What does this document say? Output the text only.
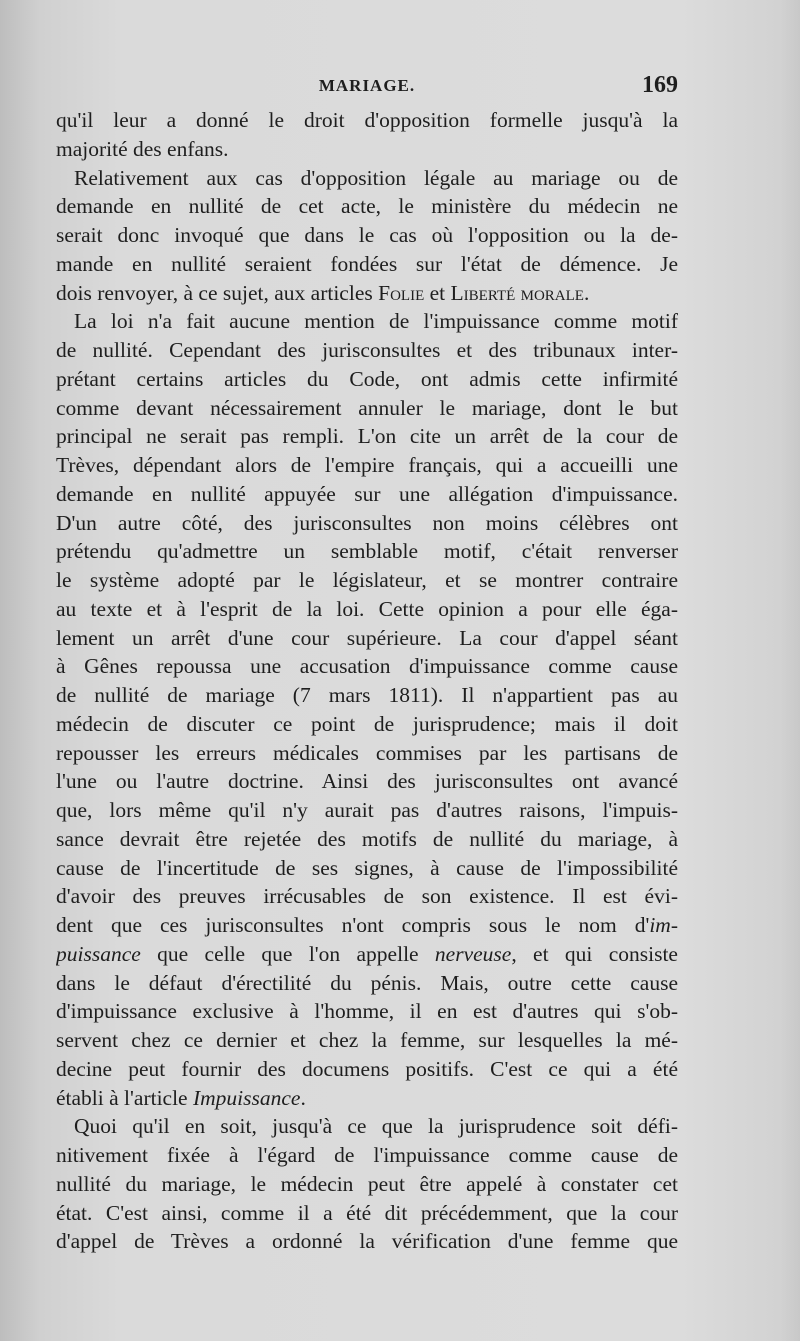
MARIAGE.	169
qu'il leur a donné le droit d'opposition formelle jusqu'à la
majorité des enfans.
Relativement aux cas d'opposition légale au mariage ou de
demande en nullité de cet acte, le ministère du médecin ne
serait donc invoqué que dans le cas où l'opposition ou la de-
mande en nullité seraient fondées sur l'état de démence. Je
dois renvoyer, à ce sujet, aux articles Folie et Liberté morale.
La loi n'a fait aucune mention de l'impuissance comme motif
de nullité. Cependant des jurisconsultes et des tribunaux inter-
prétant certains articles du Code, ont admis cette infirmité
comme devant nécessairement annuler le mariage, dont le but
principal ne serait pas rempli. L'on cite un arrêt de la cour de
Trèves, dépendant alors de l'empire français, qui a accueilli une
demande en nullité appuyée sur une allégation d'impuissance.
D'un autre côté, des jurisconsultes non moins célèbres ont
prétendu qu'admettre un semblable motif, c'était renverser
le système adopté par le législateur, et se montrer contraire
au texte et à l'esprit de la loi. Cette opinion a pour elle éga-
lement un arrêt d'une cour supérieure. La cour d'appel séant
à Gênes repoussa une accusation d'impuissance comme cause
de nullité de mariage (7 mars 1811). Il n'appartient pas au
médecin de discuter ce point de jurisprudence; mais il doit
repousser les erreurs médicales commises par les partisans de
l'une ou l'autre doctrine. Ainsi des jurisconsultes ont avancé
que, lors même qu'il n'y aurait pas d'autres raisons, l'impuis-
sance devrait être rejetée des motifs de nullité du mariage, à
cause de l'incertitude de ses signes, à cause de l'impossibilité
d'avoir des preuves irrécusables de son existence. Il est évi-
dent que ces jurisconsultes n'ont compris sous le nom d'im-
puissance que celle que l'on appelle nerveuse, et qui consiste
dans le défaut d'érectilité du pénis. Mais, outre cette cause
d'impuissance exclusive à l'homme, il en est d'autres qui s'ob-
servent chez ce dernier et chez la femme, sur lesquelles la mé-
decine peut fournir des documens positifs. C'est ce qui a été
établi à l'article Impuissance.
Quoi qu'il en soit, jusqu'à ce que la jurisprudence soit défi-
nitivement fixée à l'égard de l'impuissance comme cause de
nullité du mariage, le médecin peut être appelé à constater cet
état. C'est ainsi, comme il a été dit précédemment, que la cour
d'appel de Trèves a ordonné la vérification d'une femme que
